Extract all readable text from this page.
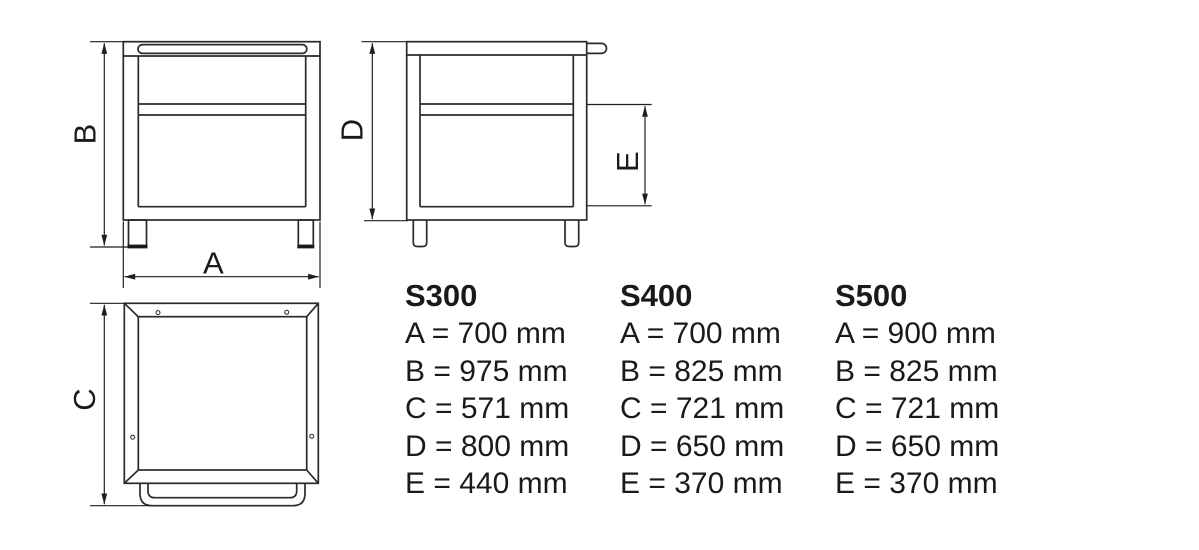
B
A
D
E
C
S300
A = 700 mm
B = 975 mm
C = 571 mm
D = 800 mm
E = 440 mm
S400
A = 700 mm
B = 825 mm
C = 721 mm
D = 650 mm
E = 370 mm
S500
A = 900 mm
B = 825 mm
C = 721 mm
D = 650 mm
E = 370 mm
